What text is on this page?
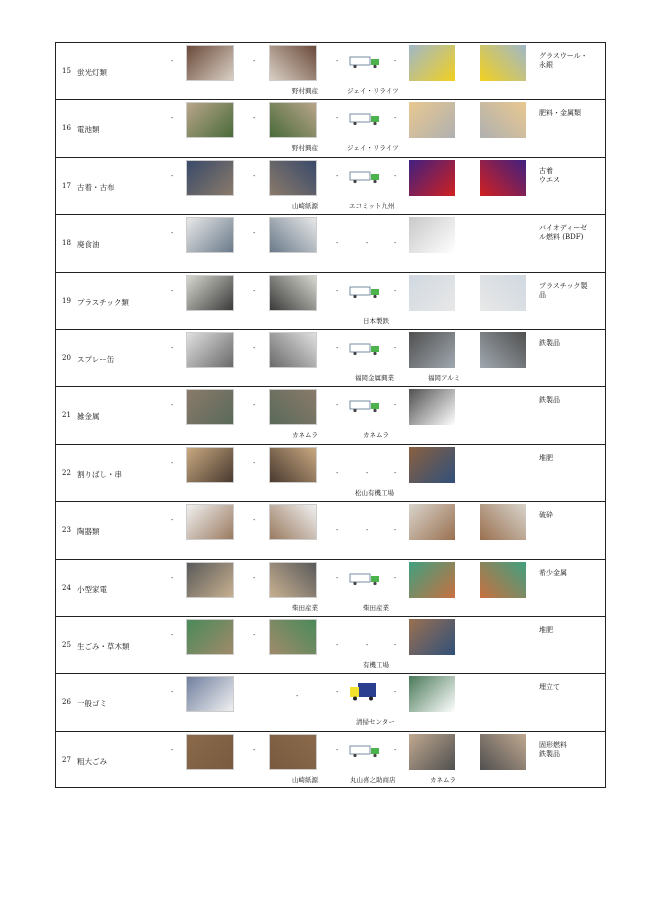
15 蛍光灯類
-	-	-	-
野村興産	ジェイ・リライツ
グラスウール・
永銀
16 電池類
-	-	-	-
野村興産	ジェイ・リライツ
肥料・金属類
17 古着・古布
-	-	-	-
山崎紙源	エコミット九州
古着
ウエス
18 廃食油
-	-
-	-	-
バイオディーゼ
ル燃料 (BDF)
19 プラスチック類
-	-	-	-
日本製鉄
プラスチック製
品
20 スプレー缶
-	-	-	-
福岡金属興業	福岡アルミ
鉄製品
21 雑金属
-	-	-	-
カネムラ	カネムラ
鉄製品
22 割りばし・串
-	-
-	-	-
松山有機工場
堆肥
23 陶器類
-	-
-	-	-
破砕
24 小型家電
-	-	-	-
柴田産業	柴田産業
希少金属
25 生ごみ・草木類
-	-
-	-	-
有機工場
堆肥
26 一般ゴミ
-	-	-
-
清掃センター
埋立て
27 粗大ごみ
-	-	-	-
山崎紙源	丸山喜之助商店	カネムラ
固形燃料
鉄製品
